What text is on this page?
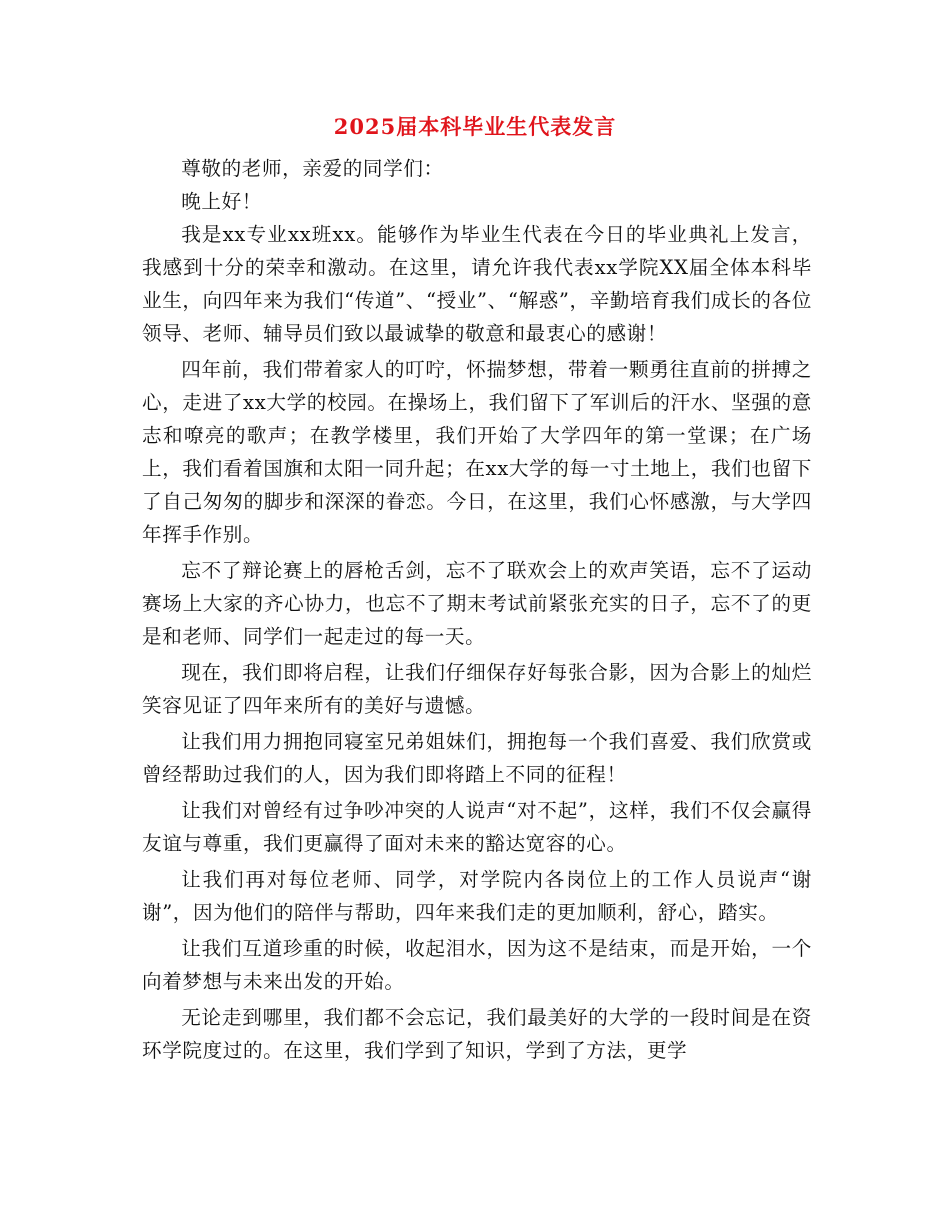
2025届本科毕业生代表发言

尊敬的老师，亲爱的同学们：

晚上好！

我是xx专业xx班xx。能够作为毕业生代表在今日的毕业典礼上发言，我感到十分的荣幸和激动。在这里，请允许我代表xx学院XX届全体本科毕业生，向四年来为我们“传道”、“授业”、“解惑”，辛勤培育我们成长的各位领导、老师、辅导员们致以最诚挚的敬意和最衷心的感谢！

四年前，我们带着家人的叮咛，怀揣梦想，带着一颗勇往直前的拼搏之心，走进了xx大学的校园。在操场上，我们留下了军训后的汗水、坚强的意志和嘹亮的歌声；在教学楼里，我们开始了大学四年的第一堂课；在广场上，我们看着国旗和太阳一同升起；在xx大学的每一寸土地上，我们也留下了自己匆匆的脚步和深深的眷恋。今日，在这里，我们心怀感激，与大学四年挥手作别。

忘不了辩论赛上的唇枪舌剑，忘不了联欢会上的欢声笑语，忘不了运动赛场上大家的齐心协力，也忘不了期末考试前紧张充实的日子，忘不了的更是和老师、同学们一起走过的每一天。

现在，我们即将启程，让我们仔细保存好每张合影，因为合影上的灿烂笑容见证了四年来所有的美好与遗憾。

让我们用力拥抱同寝室兄弟姐妹们，拥抱每一个我们喜爱、我们欣赏或曾经帮助过我们的人，因为我们即将踏上不同的征程！

让我们对曾经有过争吵冲突的人说声“对不起”，这样，我们不仅会赢得友谊与尊重，我们更赢得了面对未来的豁达宽容的心。

让我们再对每位老师、同学，对学院内各岗位上的工作人员说声“谢谢”，因为他们的陪伴与帮助，四年来我们走的更加顺利，舒心，踏实。

让我们互道珍重的时候，收起泪水，因为这不是结束，而是开始，一个向着梦想与未来出发的开始。

无论走到哪里，我们都不会忘记，我们最美好的大学的一段时间是在资环学院度过的。在这里，我们学到了知识，学到了方法，更学
